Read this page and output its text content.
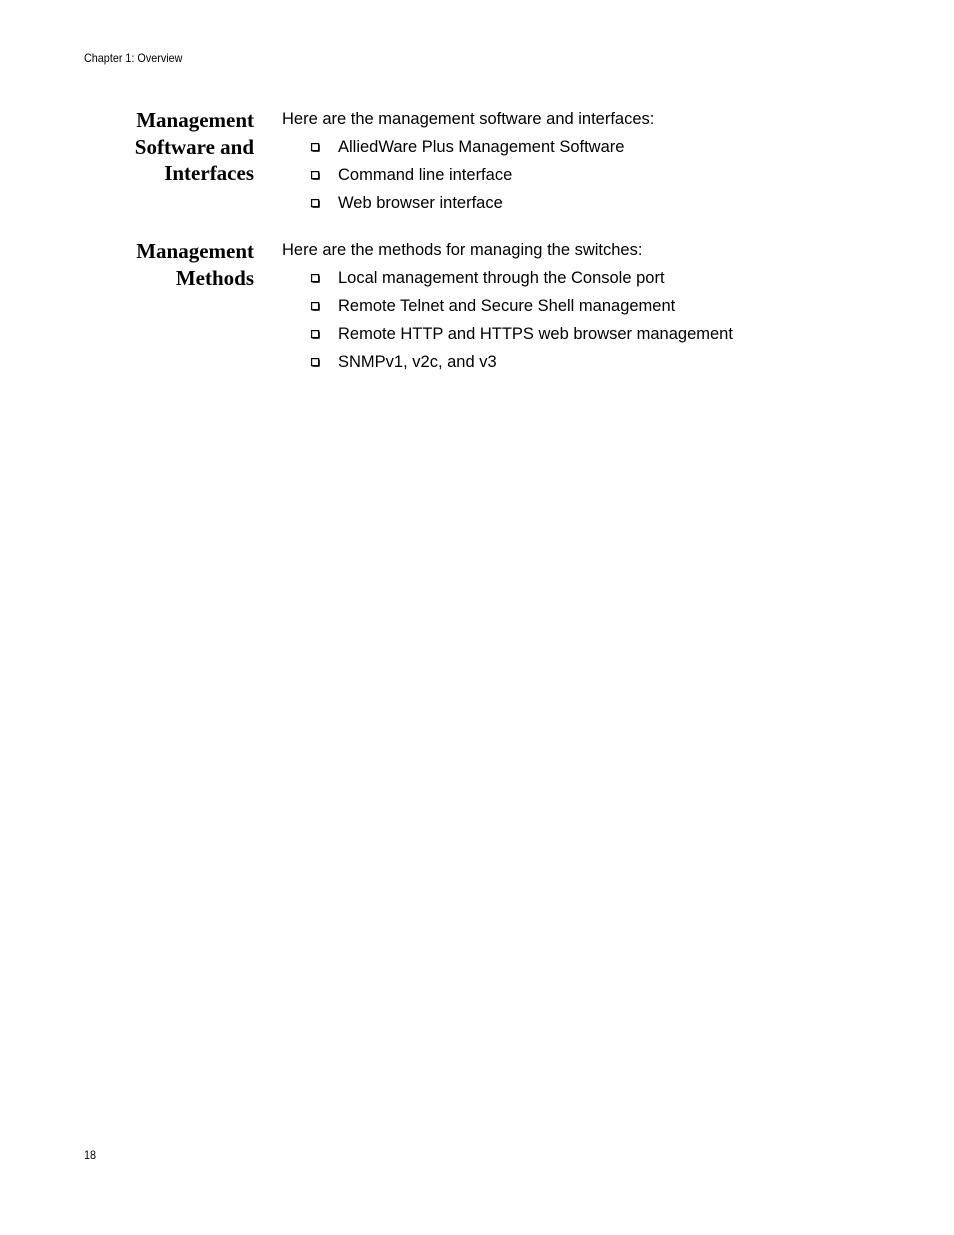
Chapter 1: Overview
Management
Software and
Interfaces

Here are the management software and interfaces:

AlliedWare Plus Management Software
Command line interface
Web browser interface
Management
Methods

Here are the methods for managing the switches:

Local management through the Console port
Remote Telnet and Secure Shell management
Remote HTTP and HTTPS web browser management
SNMPv1, v2c, and v3
18
